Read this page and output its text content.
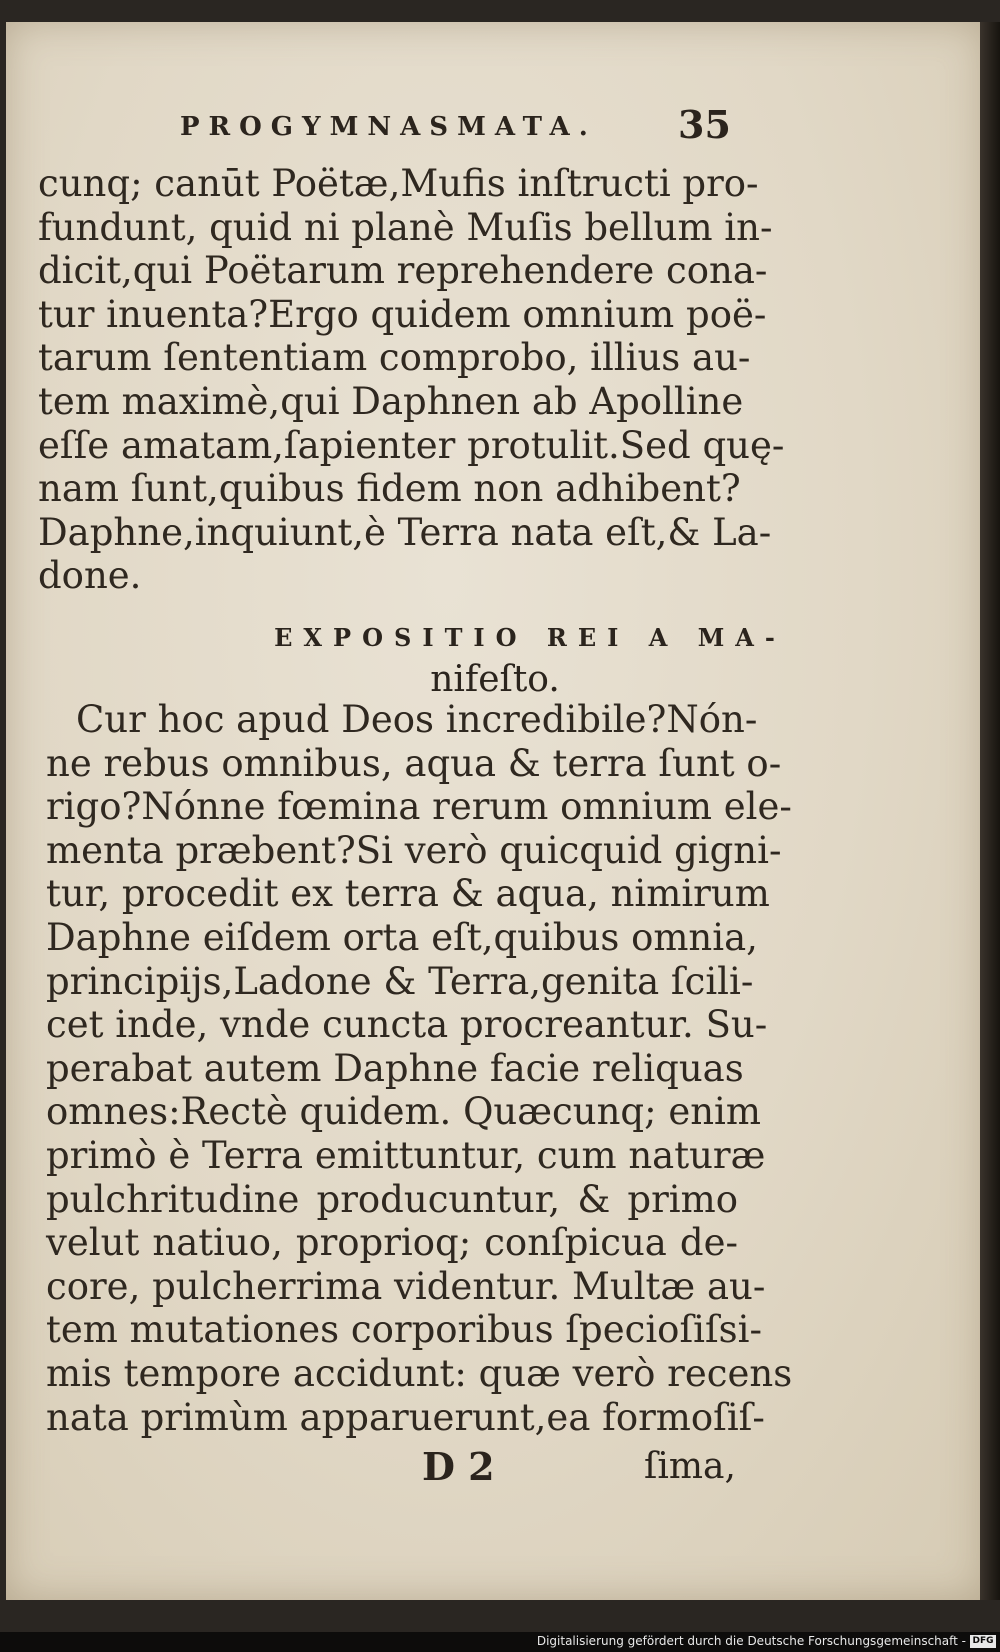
PROGYMNASMATA. 35
cunq; canūt Poëtæ,Mufis inſtructi pro-
fundunt, quid ni planè Muſis bellum in-
dicit,qui Poëtarum reprehendere cona-
tur inuenta?Ergo quidem omnium poë-
tarum ſententiam comprobo, illius au-
tem maximè,qui Daphnen ab Apolline
eſſe amatam,ſapienter protulit.Sed quę-
nam ſunt,quibus fidem non adhibent?
Daphne,inquiunt,è Terra nata eſt,& La-
done.
EXPOSITIO REI A MA-
nifeſto.
Cur hoc apud Deos incredibile?Nón-
ne rebus omnibus, aqua & terra ſunt o-
rigo?Nónne fœmina rerum omnium ele-
menta præbent?Si verò quicquid gigni-
tur, procedit ex terra & aqua, nimirum
Daphne eiſdem orta eſt,quibus omnia,
principijs,Ladone & Terra,genita ſcili-
cet inde, vnde cuncta procreantur. Su-
perabat autem Daphne facie reliquas
omnes:Rectè quidem. Quæcunq; enim
primò è Terra emittuntur, cum naturæ
pulchritudine producuntur, & primo
velut natiuo, proprioq; conſpicua de-
core, pulcherrima videntur. Multæ au-
tem mutationes corporibus ſpecioſiſsi-
mis tempore accidunt: quæ verò recens
nata primùm apparuerunt,ea formoſiſ-
D 2	ſima,
Digitalisierung gefördert durch die Deutsche Forschungsgemeinschaft - DFG
